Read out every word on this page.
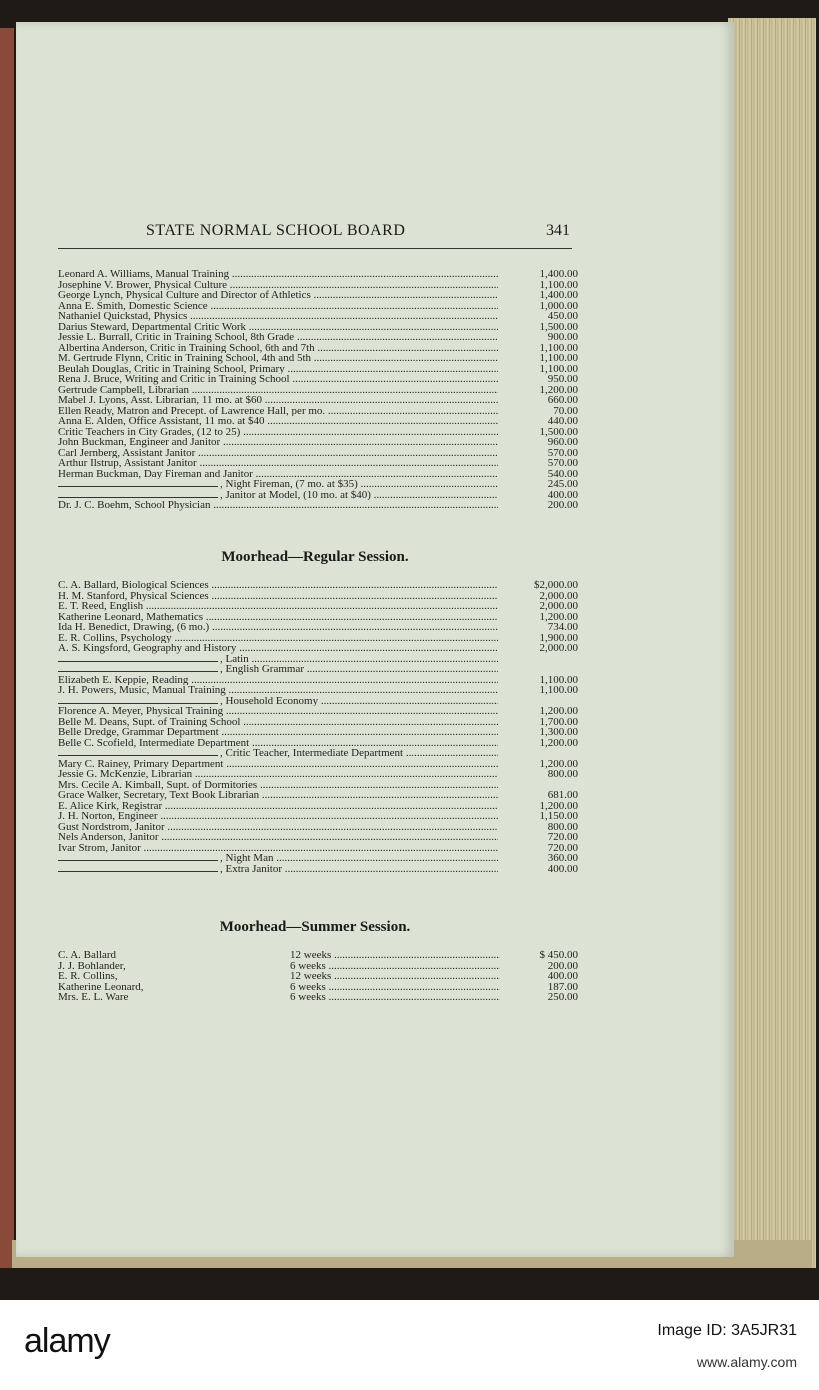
STATE NORMAL SCHOOL BOARD	341
Leonard A. Williams, Manual Training .....	1,400.00
Josephine V. Brower, Physical Culture .....	1,100.00
George Lynch, Physical Culture and Director of Athletics .....	1,400.00
Anna E. Smith, Domestic Science .....	1,000.00
Nathaniel Quickstad, Physics .....	450.00
Darius Steward, Departmental Critic Work .....	1,500.00
Jessie L. Burrall, Critic in Training School, 8th Grade .....	900.00
Albertina Anderson, Critic in Training School, 6th and 7th .....	1,100.00
M. Gertrude Flynn, Critic in Training School, 4th and 5th .....	1,100.00
Beulah Douglas, Critic in Training School, Primary .....	1,100.00
Rena J. Bruce, Writing and Critic in Training School .....	950.00
Gertrude Campbell, Librarian .....	1,200.00
Mabel J. Lyons, Asst. Librarian, 11 mo. at $60 .....	660.00
Ellen Ready, Matron and Precept. of Lawrence Hall, per mo. .....	70.00
Anna E. Alden, Office Assistant, 11 mo. at $40 .....	440.00
Critic Teachers in City Grades, (12 to 25) .....	1,500.00
John Buckman, Engineer and Janitor .....	960.00
Carl Jernberg, Assistant Janitor .....	570.00
Arthur Ilstrup, Assistant Janitor .....	570.00
Herman Buckman, Day Fireman and Janitor .....	540.00
, Night Fireman, (7 mo. at $35) .....	245.00
, Janitor at Model, (10 mo. at $40) .....	400.00
Dr. J. C. Boehm, School Physician .....	200.00
Moorhead—Regular Session.
C. A. Ballard, Biological Sciences .....	$2,000.00
H. M. Stanford, Physical Sciences .....	2,000.00
E. T. Reed, English .....	2,000.00
Katherine Leonard, Mathematics .....	1,200.00
Ida H. Benedict, Drawing, (6 mo.) .....	734.00
E. R. Collins, Psychology .....	1,900.00
A. S. Kingsford, Geography and History .....	2,000.00
, Latin .....
, English Grammar .....
Elizabeth E. Keppie, Reading .....	1,100.00
J. H. Powers, Music, Manual Training .....	1,100.00
, Household Economy .....
Florence A. Meyer, Physical Training .....	1,200.00
Belle M. Deans, Supt. of Training School .....	1,700.00
Belle Dredge, Grammar Department .....	1,300.00
Belle C. Scofield, Intermediate Department .....	1,200.00
, Critic Teacher, Intermediate Department .....
Mary C. Rainey, Primary Department .....	1,200.00
Jessie G. McKenzie, Librarian .....	800.00
Mrs. Cecile A. Kimball, Supt. of Dormitories .....
Grace Walker, Secretary, Text Book Librarian .....	681.00
E. Alice Kirk, Registrar .....	1,200.00
J. H. Norton, Engineer .....	1,150.00
Gust Nordstrom, Janitor .....	800.00
Nels Anderson, Janitor .....	720.00
Ivar Strom, Janitor .....	720.00
, Night Man .....	360.00
, Extra Janitor .....	400.00
Moorhead—Summer Session.
C. A. Ballard	12 weeks .....	$ 450.00
J. J. Bohlander,	6 weeks .....	200.00
E. R. Collins,	12 weeks .....	400.00
Katherine Leonard,	6 weeks .....	187.00
Mrs. E. L. Ware	6 weeks .....	250.00
alamy	Image ID: 3A5JR31
www.alamy.com
